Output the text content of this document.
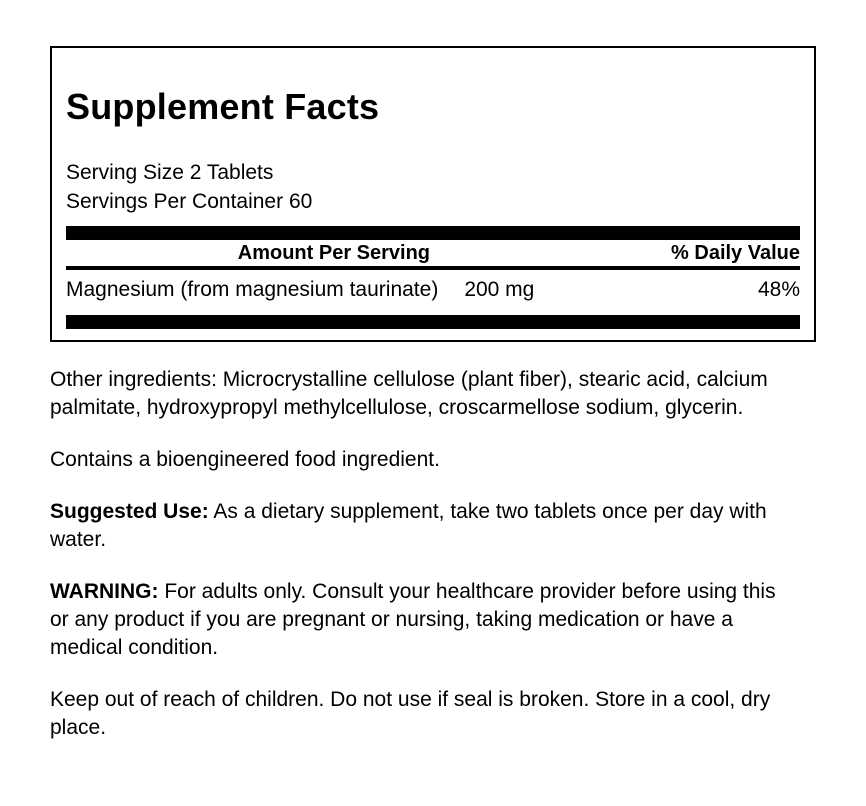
Supplement Facts
Serving Size 2 Tablets
Servings Per Container 60
Amount Per Serving	% Daily Value
Magnesium (from magnesium taurinate) 200 mg	48%

Other ingredients: Microcrystalline cellulose (plant fiber), stearic acid, calcium palmitate, hydroxypropyl methylcellulose, croscarmellose sodium, glycerin.

Contains a bioengineered food ingredient.

Suggested Use: As a dietary supplement, take two tablets once per day with water.

WARNING: For adults only. Consult your healthcare provider before using this or any product if you are pregnant or nursing, taking medication or have a medical condition.

Keep out of reach of children. Do not use if seal is broken. Store in a cool, dry place.
